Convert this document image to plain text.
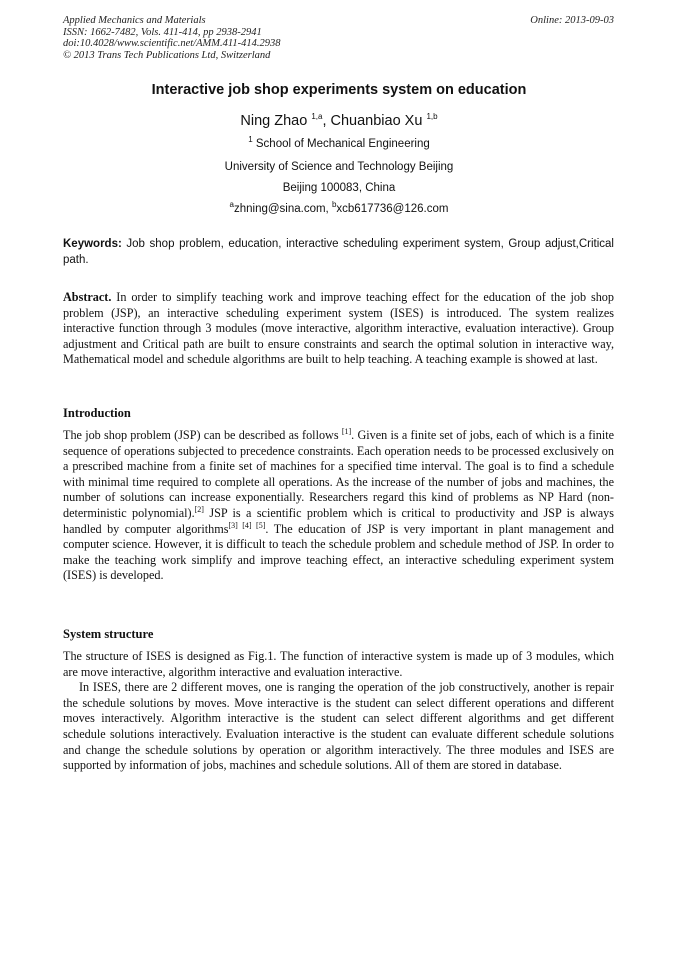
Applied Mechanics and Materials
ISSN: 1662-7482, Vols. 411-414, pp 2938-2941
doi:10.4028/www.scientific.net/AMM.411-414.2938
© 2013 Trans Tech Publications Ltd, Switzerland
Online: 2013-09-03
Interactive job shop experiments system on education
Ning Zhao $^{1,a}$, Chuanbiao Xu $^{1,b}$
$^1$ School of Mechanical Engineering
University of Science and Technology Beijing
Beijing 100083, China
$^a$zhning@sina.com, $^b$xcb617736@126.com
Keywords: Job shop problem, education, interactive scheduling experiment system, Group adjust,Critical path.
Abstract. In order to simplify teaching work and improve teaching effect for the education of the job shop problem (JSP), an interactive scheduling experiment system (ISES) is introduced. The system realizes interactive function through 3 modules (move interactive, algorithm interactive, evaluation interactive). Group adjustment and Critical path are built to ensure constraints and search the optimal solution in interactive way, Mathematical model and schedule algorithms are built to help teaching. A teaching example is showed at last.
Introduction

The job shop problem (JSP) can be described as follows [1]. Given is a finite set of jobs, each of which is a finite sequence of operations subjected to precedence constraints. Each operation needs to be processed exclusively on a prescribed machine from a finite set of machines for a specified time interval. The goal is to find a schedule with minimal time required to complete all operations. As the increase of the number of jobs and machines, the number of solutions can increase exponentially. Researchers regard this kind of problems as NP Hard (non-deterministic polynomial).[2] JSP is a scientific problem which is critical to productivity and JSP is always handled by computer algorithms[3] [4] [5]. The education of JSP is very important in plant management and computer science. However, it is difficult to teach the schedule problem and schedule method of JSP. In order to make the teaching work simplify and improve teaching effect, an interactive scheduling experiment system (ISES) is developed.

System structure

The structure of ISES is designed as Fig.1. The function of interactive system is made up of 3 modules, which are move interactive, algorithm interactive and evaluation interactive.

In ISES, there are 2 different moves, one is ranging the operation of the job constructively, another is repair the schedule solutions by moves. Move interactive is the student can select different operations and different moves interactively. Algorithm interactive is the student can select different algorithms and get different schedule solutions interactively. Evaluation interactive is the student can evaluate different schedule solutions and change the schedule solutions by operation or algorithm interactively. The three modules and ISES are supported by information of jobs, machines and schedule solutions. All of them are stored in database.
